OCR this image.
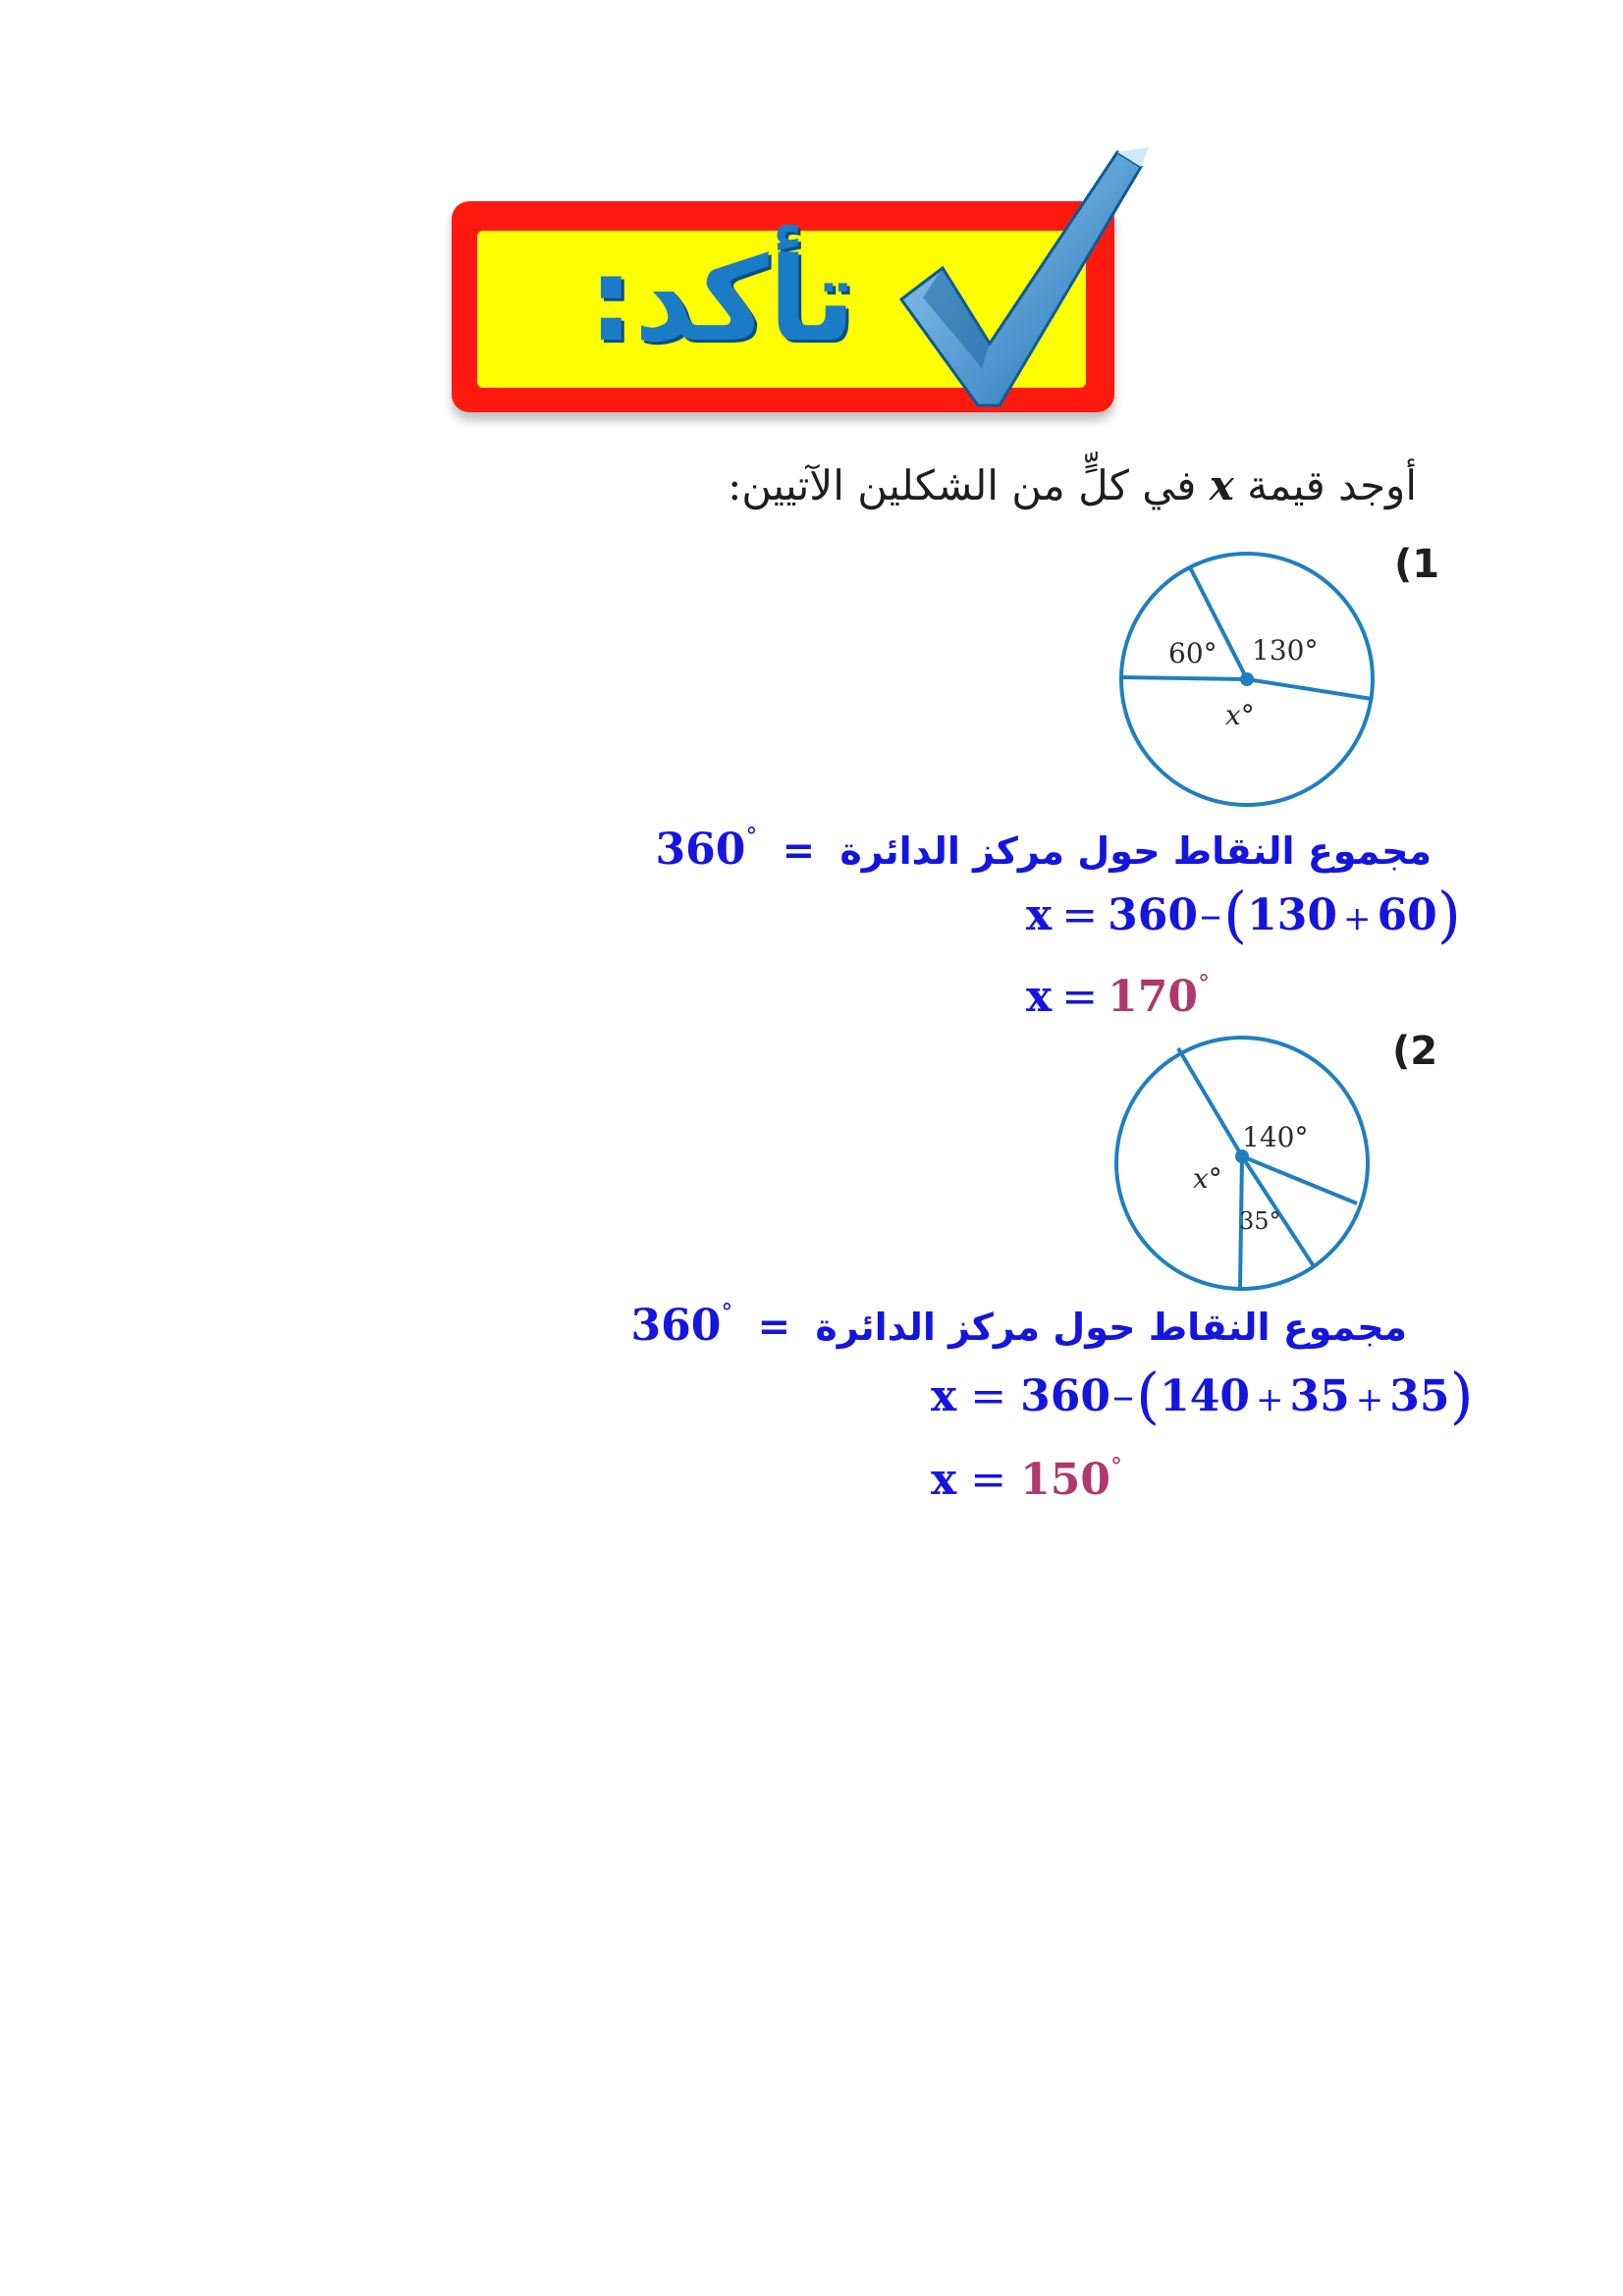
تأكد:
أوجد قيمة x في كلٍّ من الشكلين الآتيين:
(1
60° 130°
x°
مجموع النقاط حول مركز الدائرة = 360°
x = 360–(130 + 60)
x = 170°
(2
140°
x°
35°
مجموع النقاط حول مركز الدائرة = 360°
x = 360–(140 + 35 + 35)
x = 150°
